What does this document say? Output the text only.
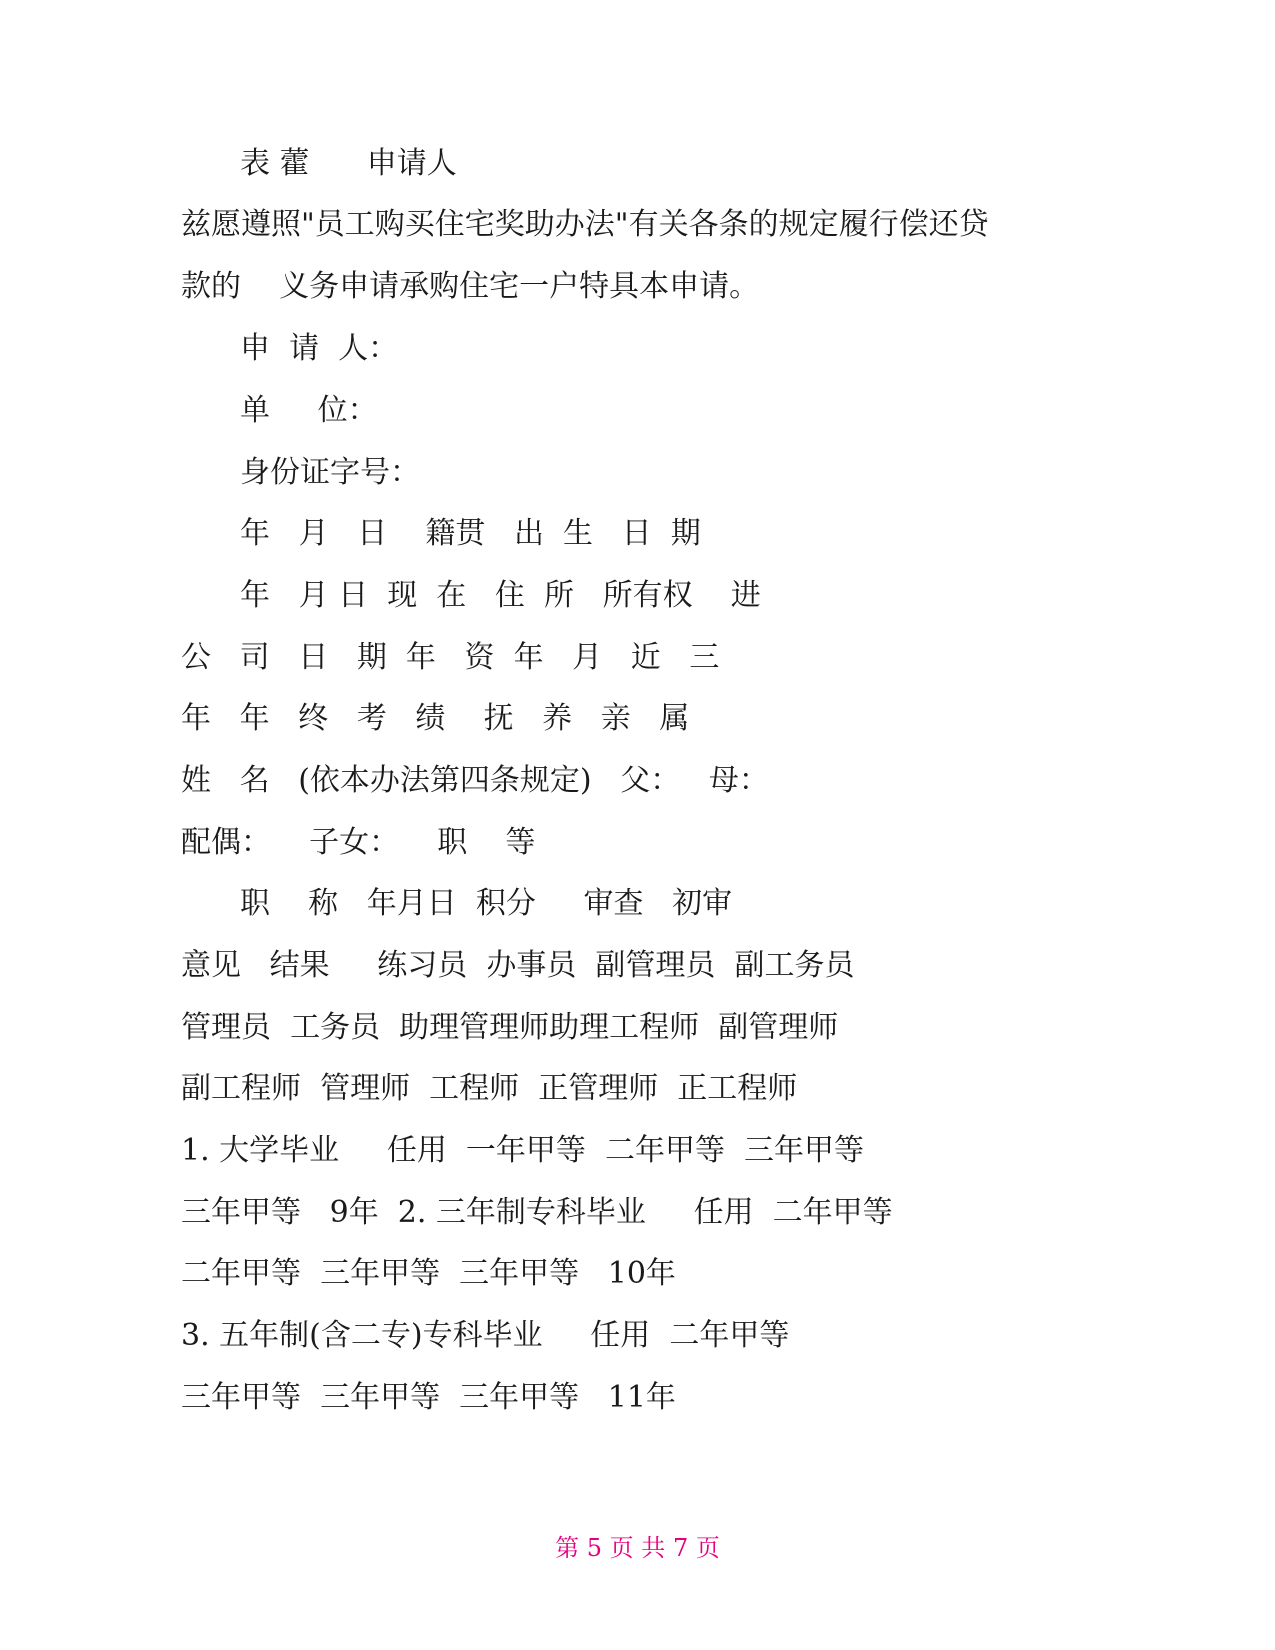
表 藿      申请人
兹愿遵照"员工购买住宅奖助办法"有关各条的规定履行偿还贷
款的    义务申请承购住宅一户特具本申请。
申  请  人：
单     位：
身份证字号：
年   月   日    籍贯   出  生   日  期
年   月 日  现  在   住  所   所有权    进
公   司   日   期  年   资  年   月   近   三
年   年   终   考   绩    抚   养   亲   属
姓   名   (依本办法第四条规定)   父：   母：
配偶：    子女：    职    等
职    称   年月日  积分     审查   初审
意见   结果     练习员  办事员  副管理员  副工务员
管理员  工务员  助理管理师助理工程师  副管理师
副工程师  管理师  工程师  正管理师  正工程师
1. 大学毕业     任用  一年甲等  二年甲等  三年甲等
三年甲等   9年  2. 三年制专科毕业     任用  二年甲等
二年甲等  三年甲等  三年甲等   10年
3. 五年制(含二专)专科毕业     任用  二年甲等
三年甲等  三年甲等  三年甲等   11年
第 5 页 共 7 页
